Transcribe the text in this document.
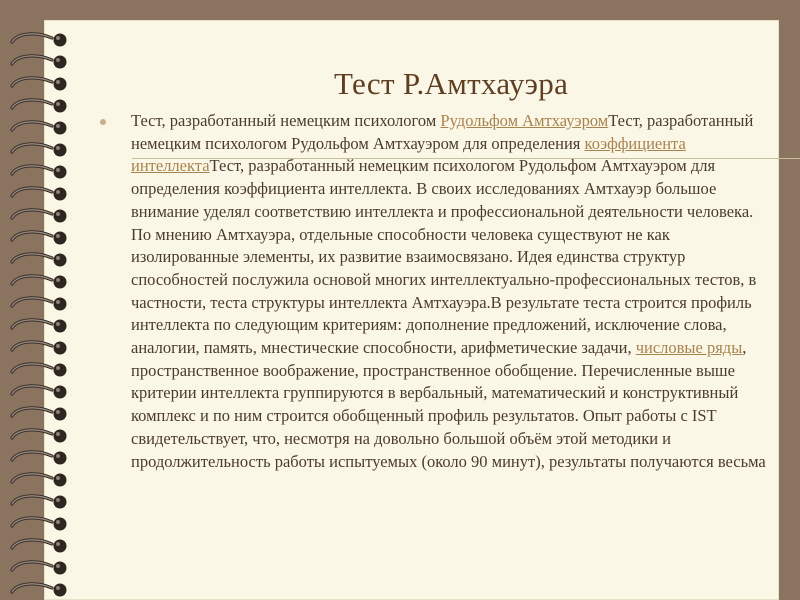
Тест Р.Амтхауэра

Тест, разработанный немецким психологом Рудольфом АмтхауэромТест, разработанный немецким психологом Рудольфом Амтхауэром для определения коэффициента интеллектаТест, разработанный немецким психологом Рудольфом Амтхауэром для определения коэффициента интеллекта. В своих исследованиях Амтхауэр большое внимание уделял соответствию интеллекта и профессиональной деятельности человека. По мнению Амтхауэра, отдельные способности человека существуют не как изолированные элементы, их развитие взаимосвязано. Идея единства структур способностей послужила основой многих интеллектуально-профессиональных тестов, в частности, теста структуры интеллекта Амтхауэра.В результате теста строится профиль интеллекта по следующим критериям: дополнение предложений, исключение слова, аналогии, память, мнестические способности, арифметические задачи, числовые ряды, пространственное воображение, пространственное обобщение. Перечисленные выше критерии интеллекта группируются в вербальный, математический и конструктивный комплекс и по ним строится обобщенный профиль результатов. Опыт работы с IST свидетельствует, что, несмотря на довольно большой объём этой методики и продолжительность работы испытуемых (около 90 минут), результаты получаются весьма
